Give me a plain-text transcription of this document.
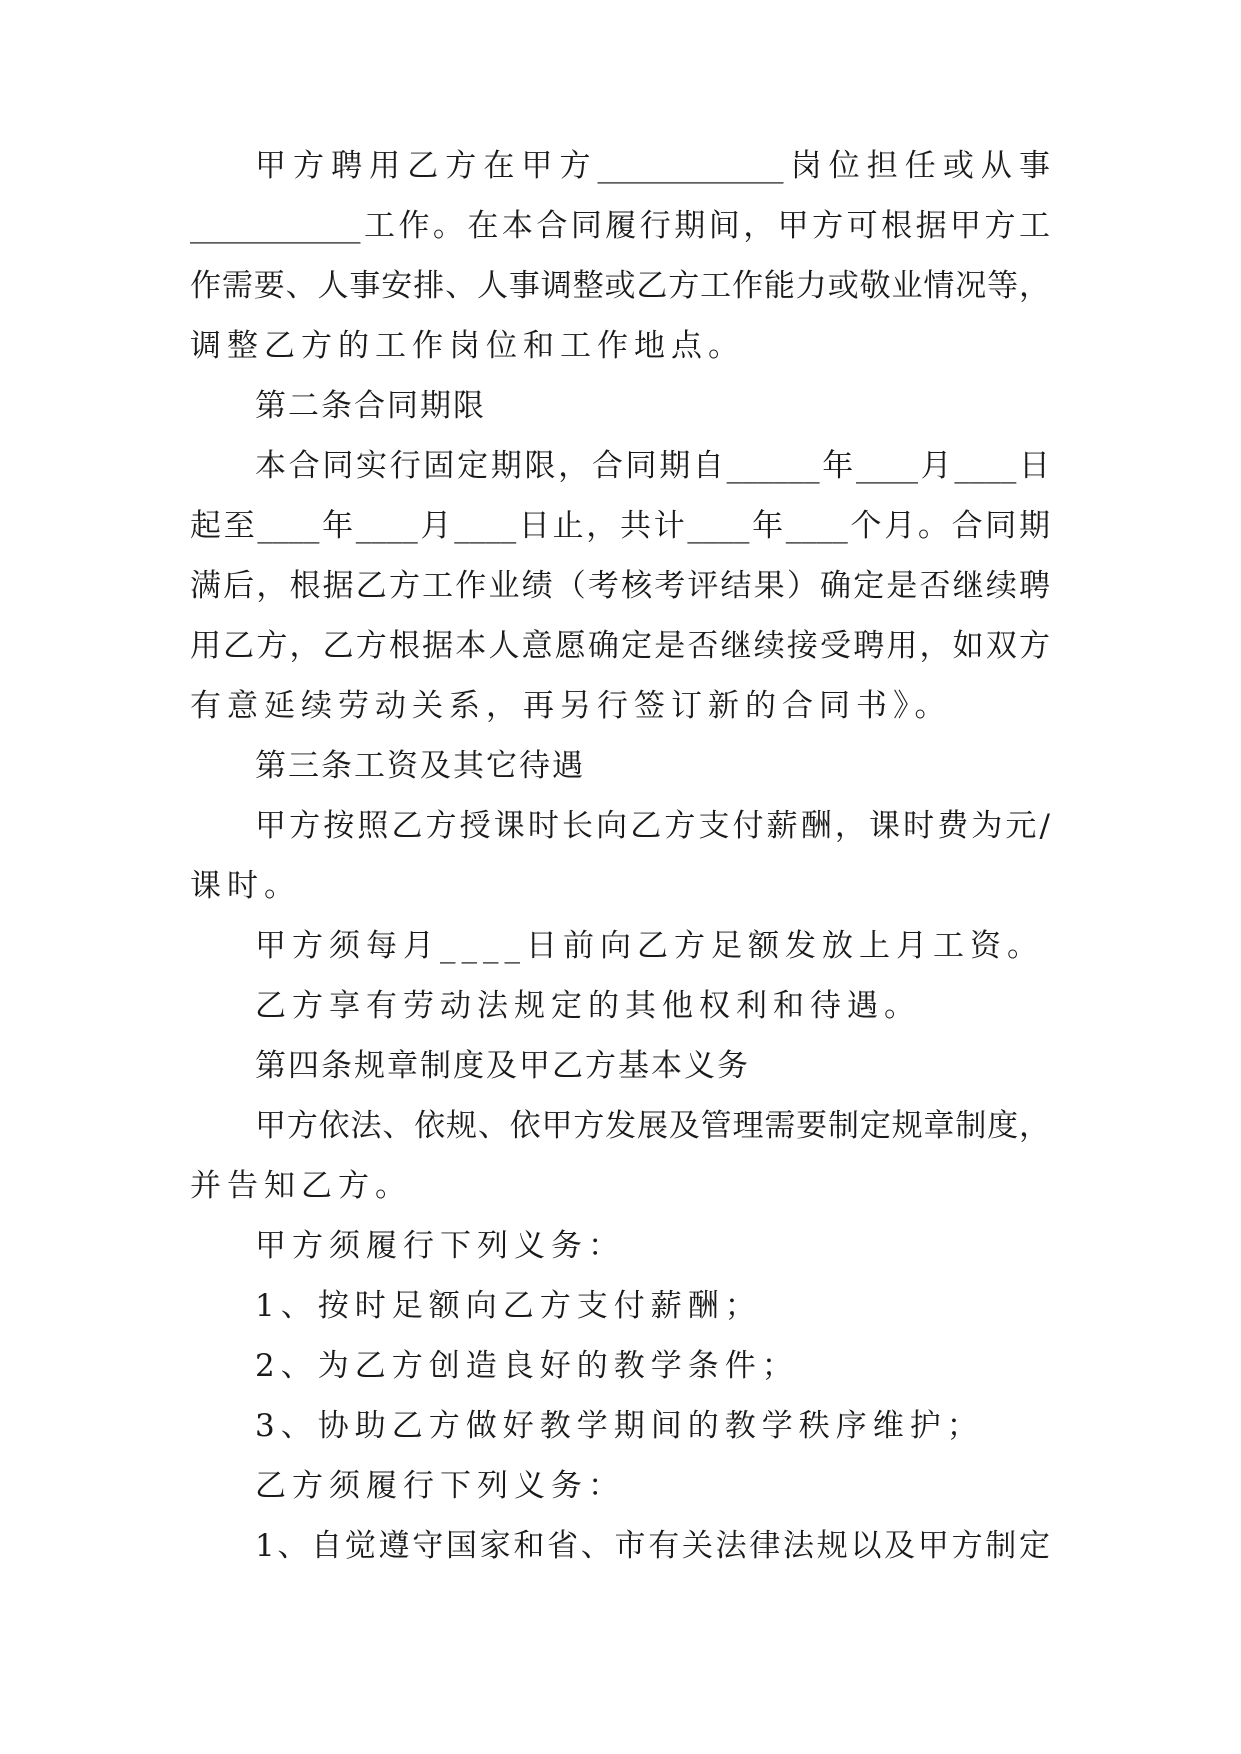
甲方聘用乙方在甲方____________岗位担任或从事
___________工作。在本合同履行期间，甲方可根据甲方工
作需要、人事安排、人事调整或乙方工作能力或敬业情况等，
调整乙方的工作岗位和工作地点。
第二条合同期限
本合同实行固定期限，合同期自______年____月____日
起至____年____月____日止，共计____年____个月。合同期
满后，根据乙方工作业绩（考核考评结果）确定是否继续聘
用乙方，乙方根据本人意愿确定是否继续接受聘用，如双方
有意延续劳动关系，再另行签订新的合同书》。
第三条工资及其它待遇
甲方按照乙方授课时长向乙方支付薪酬，课时费为元/
课时。
甲方须每月____日前向乙方足额发放上月工资。
乙方享有劳动法规定的其他权利和待遇。
第四条规章制度及甲乙方基本义务
甲方依法、依规、依甲方发展及管理需要制定规章制度，
并告知乙方。
甲方须履行下列义务：
1、按时足额向乙方支付薪酬；
2、为乙方创造良好的教学条件；
3、协助乙方做好教学期间的教学秩序维护；
乙方须履行下列义务：
1、自觉遵守国家和省、市有关法律法规以及甲方制定
